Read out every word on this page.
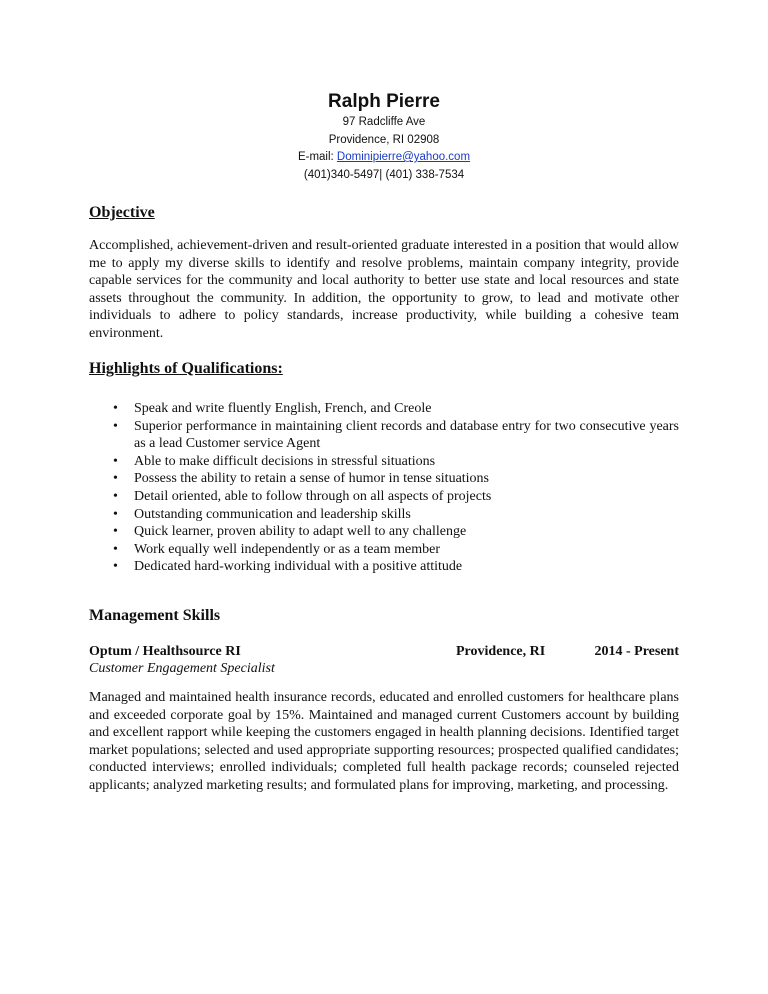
Ralph Pierre

97 Radcliffe Ave

Providence, RI 02908

E-mail: Dominipierre@yahoo.com

(401)340-5497| (401) 338-7534

Objective

Accomplished, achievement-driven and result-oriented graduate interested in a position that would allow me to apply my diverse skills to identify and resolve problems, maintain company integrity, provide capable services for the community and local authority to better use state and local resources and state assets throughout the community. In addition, the opportunity to grow, to lead and motivate other individuals to adhere to policy standards, increase productivity, while building a cohesive team environment.

Highlights of Qualifications:
• Speak and write fluently English, French, and Creole
• Superior performance in maintaining client records and database entry for two consecutive years as a lead Customer service Agent
• Able to make difficult decisions in stressful situations
• Possess the ability to retain a sense of humor in tense situations
• Detail oriented, able to follow through on all aspects of projects
• Outstanding communication and leadership skills
• Quick learner, proven ability to adapt well to any challenge
• Work equally well independently or as a team member
• Dedicated hard-working individual with a positive attitude
Management Skills
Optum / Healthsource RI	Providence, RI	2014 - Present

Customer Engagement Specialist

Managed and maintained health insurance records, educated and enrolled customers for healthcare plans and exceeded corporate goal by 15%. Maintained and managed current Customers account by building and excellent rapport while keeping the customers engaged in health planning decisions. Identified target market populations; selected and used appropriate supporting resources; prospected qualified candidates; conducted interviews; enrolled individuals; completed full health package records; counseled rejected applicants; analyzed marketing results; and formulated plans for improving, marketing, and processing.
